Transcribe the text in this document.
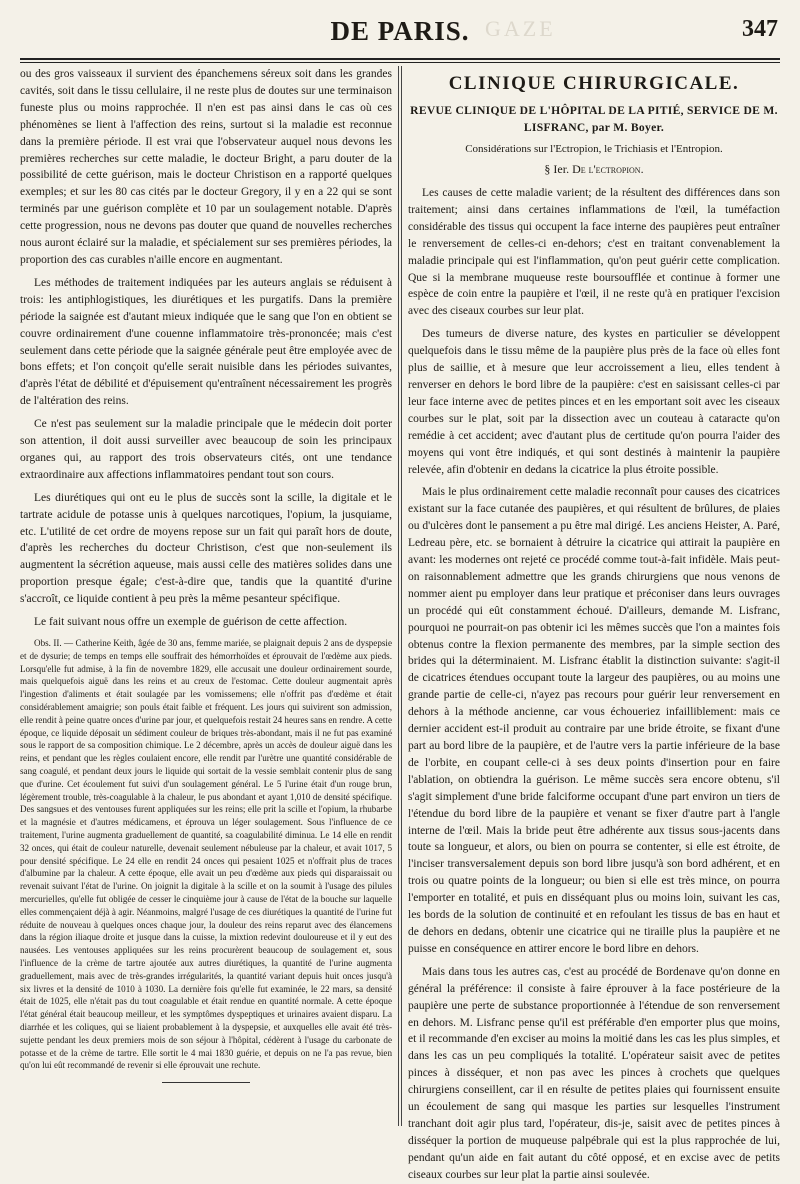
GAZE
DE PARIS.	347

ou des gros vaisseaux il survient des épanchemens séreux soit dans les grandes cavités, soit dans le tissu cellulaire, il ne reste plus de doutes sur une terminaison funeste plus ou moins rapprochée. Il n'en est pas ainsi dans le cas où ces phénomènes se lient à l'affection des reins, surtout si la maladie est reconnue dans la première période. Il est vrai que l'observateur auquel nous devons les premières recherches sur cette maladie, le docteur Bright, a paru douter de la possibilité de cette guérison, mais le docteur Christison en a rapporté quelques exemples; et sur les 80 cas cités par le docteur Gregory, il y en a 22 qui se sont terminés par une guérison complète et 10 par un soulagement notable. D'après cette progression, nous ne devons pas douter que quand de nouvelles recherches nous auront éclairé sur la maladie, et spécialement sur ses premières périodes, la proportion des cas curables n'aille encore en augmentant.

Les méthodes de traitement indiquées par les auteurs anglais se réduisent à trois: les antiphlogistiques, les diurétiques et les purgatifs. Dans la première période la saignée est d'autant mieux indiquée que le sang que l'on en obtient se couvre ordinairement d'une couenne inflammatoire très-prononcée; mais c'est seulement dans cette période que la saignée générale peut être employée avec de bons effets; et l'on conçoit qu'elle serait nuisible dans les périodes suivantes, d'après l'état de débilité et d'épuisement qu'entraînent nécessairement les progrès de l'altération des reins.

Ce n'est pas seulement sur la maladie principale que le médecin doit porter son attention, il doit aussi surveiller avec beaucoup de soin les principaux organes qui, au rapport des trois observateurs cités, ont une tendance extraordinaire aux affections inflammatoires pendant tout son cours.

Les diurétiques qui ont eu le plus de succès sont la scille, la digitale et le tartrate acidule de potasse unis à quelques narcotiques, l'opium, la jusquiame, etc. L'utilité de cet ordre de moyens repose sur un fait qui paraît hors de doute, d'après les recherches du docteur Christison, c'est que non-seulement ils augmentent la sécrétion aqueuse, mais aussi celle des matières solides dans une proportion presque égale; c'est-à-dire que, tandis que la quantité d'urine s'accroît, ce liquide contient à peu près la même pesanteur spécifique.

Le fait suivant nous offre un exemple de guérison de cette affection.

Obs. II. — Catherine Keith, âgée de 30 ans, femme mariée, se plaignait depuis 2 ans de dyspepsie et de dysurie; de temps en temps elle souffrait des hémorrhoïdes et éprouvait de l'œdème aux pieds. Lorsqu'elle fut admise, à la fin de novembre 1829, elle accusait une douleur ordinairement sourde, mais quelquefois aiguë dans les reins et au creux de l'estomac. Cette douleur augmentait après l'ingestion d'aliments et était soulagée par les vomissemens; elle n'offrit pas d'œdème et était considérablement amaigrie; son pouls était faible et fréquent. Les jours qui suivirent son admission, elle rendit à peine quatre onces d'urine par jour, et quelquefois restait 24 heures sans en rendre. A cette époque, ce liquide déposait un sédiment couleur de briques très-abondant, mais il ne fut pas examiné sous le rapport de sa composition chimique. Le 2 décembre, après un accès de douleur aiguë dans les reins, et pendant que les règles coulaient encore, elle rendit par l'urètre une quantité considérable de sang coagulé, et pendant deux jours le liquide qui sortait de la vessie semblait contenir plus de sang que d'urine. Cet écoulement fut suivi d'un soulagement général. Le 5 l'urine était d'un rouge brun, légèrement trouble, très-coagulable à la chaleur, le pus abondant et ayant 1,010 de densité spécifique. Des sangsues et des ventouses furent appliquées sur les reins; elle prit la scille et l'opium, la rhubarbe et la magnésie et d'autres médicamens, et éprouva un léger soulagement. Sous l'influence de ce traitement, l'urine augmenta graduellement de quantité, sa coagulabilité diminua. Le 14 elle en rendit 32 onces, qui était de couleur naturelle, devenait seulement nébuleuse par la chaleur, et avait 1017, 5 pour densité spécifique. Le 24 elle en rendit 24 onces qui pesaient 1025 et n'offrait plus de traces d'albumine par la chaleur. A cette époque, elle avait un peu d'œdème aux pieds qui disparaissait ou revenait suivant l'état de l'urine. On joignit la digitale à la scille et on la soumit à l'usage des pilules mercurielles, qu'elle fut obligée de cesser le cinquième jour à cause de l'état de la bouche sur laquelle elles commençaient déjà à agir. Néanmoins, malgré l'usage de ces diurétiques la quantité de l'urine fut réduite de nouveau à quelques onces chaque jour, la douleur des reins reparut avec des élancemens dans la région iliaque droite et jusque dans la cuisse, la mixtion redevint douloureuse et il y eut des nausées. Les ventouses appliquées sur les reins procurèrent beaucoup de soulagement et, sous l'influence de la crème de tartre ajoutée aux autres diurétiques, la quantité de l'urine augmenta graduellement, mais avec de très-grandes irrégularités, la quantité variant depuis huit onces jusqu'à six livres et la densité de 1010 à 1030. La dernière fois qu'elle fut examinée, le 22 mars, sa densité était de 1025, elle n'était pas du tout coagulable et était rendue en quantité normale. A cette époque l'état général était beaucoup meilleur, et les symptômes dyspeptiques et urinaires avaient disparu. La diarrhée et les coliques, qui se liaient probablement à la dyspepsie, et auxquelles elle avait été très-sujette pendant les deux premiers mois de son séjour à l'hôpital, cédèrent à l'usage du carbonate de potasse et de la crème de tartre. Elle sortit le 4 mai 1830 guérie, et depuis on ne l'a pas revue, bien qu'on lui eût recommandé de revenir si elle éprouvait une rechute.

CLINIQUE CHIRURGICALE.
REVUE CLINIQUE DE L'HÔPITAL DE LA PITIÉ, SERVICE DE M. LISFRANC, par M. Boyer.
Considérations sur l'Ectropion, le Trichiasis et l'Entropion.
§ Ier. De l'ectropion.

Les causes de cette maladie varient; de la résultent des différences dans son traitement; ainsi dans certaines inflammations de l'œil, la tuméfaction considérable des tissus qui occupent la face interne des paupières peut entraîner le renversement de celles-ci en-dehors; c'est en traitant convenablement la maladie principale qui est l'inflammation, qu'on peut guérir cette complication. Que si la membrane muqueuse reste boursoufflée et continue à former une espèce de coin entre la paupière et l'œil, il ne reste qu'à en pratiquer l'excision avec des ciseaux courbes sur leur plat.

Des tumeurs de diverse nature, des kystes en particulier se développent quelquefois dans le tissu même de la paupière plus près de la face où elles font plus de saillie, et à mesure que leur accroissement a lieu, elles tendent à renverser en dehors le bord libre de la paupière: c'est en saisissant celles-ci par leur face interne avec de petites pinces et en les emportant soit avec les ciseaux courbes sur le plat, soit par la dissection avec un couteau à cataracte qu'on remédie à cet accident; avec d'autant plus de certitude qu'on pourra l'aider des moyens qui vont être indiqués, et qui sont destinés à maintenir la paupière relevée, afin d'obtenir en dedans la cicatrice la plus étroite possible.

Mais le plus ordinairement cette maladie reconnaît pour causes des cicatrices existant sur la face cutanée des paupières, et qui résultent de brûlures, de plaies ou d'ulcères dont le pansement a pu être mal dirigé. Les anciens Heister, A. Paré, Ledreau père, etc. se bornaient à détruire la cicatrice qui attirait la paupière en avant: les modernes ont rejeté ce procédé comme tout-à-fait infidèle. Mais peut-on raisonnablement admettre que les grands chirurgiens que nous venons de nommer aient pu employer dans leur pratique et préconiser dans leurs ouvrages un procédé qui eût constamment échoué. D'ailleurs, demande M. Lisfranc, pourquoi ne pourrait-on pas obtenir ici les mêmes succès que l'on a maintes fois obtenus contre la flexion permanente des membres, par la simple section des brides qui la déterminaient. M. Lisfranc établit la distinction suivante: s'agit-il de cicatrices étendues occupant toute la largeur des paupières, ou au moins une grande partie de celle-ci, n'ayez pas recours pour guérir leur renversement en dehors à la méthode ancienne, car vous échoueriez infailliblement: mais ce dernier accident est-il produit au contraire par une bride étroite, se fixant d'une part au bord libre de la paupière, et de l'autre vers la partie inférieure de la base de l'orbite, en coupant celle-ci à ses deux points d'insertion pour en faire l'ablation, on obtiendra la guérison. Le même succès sera encore obtenu, s'il s'agit simplement d'une bride falciforme occupant d'une part environ un tiers de l'étendue du bord libre de la paupière et venant se fixer d'autre part à l'angle interne de l'œil. Mais la bride peut être adhérente aux tissus sous-jacents dans toute sa longueur, et alors, ou bien on pourra se contenter, si elle est étroite, de l'inciser transversalement depuis son bord libre jusqu'à son bord adhérent, et en trois ou quatre points de la longueur; ou bien si elle est très mince, on pourra l'emporter en totalité, et puis en disséquant plus ou moins loin, suivant les cas, les bords de la solution de continuité et en refoulant les tissus de bas en haut et de dehors en dedans, obtenir une cicatrice qui ne tiraille plus la paupière et ne puisse en conséquence en attirer encore le bord libre en dehors.

Mais dans tous les autres cas, c'est au procédé de Bordenave qu'on donne en général la préférence: il consiste à faire éprouver à la face postérieure de la paupière une perte de substance proportionnée à l'étendue de son renversement en dehors. M. Lisfranc pense qu'il est préférable d'en emporter plus que moins, et il recommande d'en exciser au moins la moitié dans les cas les plus simples, et dans les cas un peu compliqués la totalité. L'opérateur saisit avec de petites pinces à disséquer, et non pas avec les pinces à crochets que quelques chirurgiens conseillent, car il en résulte de petites plaies qui fournissent ensuite un écoulement de sang qui masque les parties sur lesquelles l'instrument tranchant doit agir plus tard, l'opérateur, dis-je, saisit avec de petites pinces à disséquer la portion de muqueuse palpébrale qui est la plus rapprochée de lui, pendant qu'un aide en fait autant du côté opposé, et en excise avec de petits ciseaux courbes sur leur plat la partie ainsi soulevée.
